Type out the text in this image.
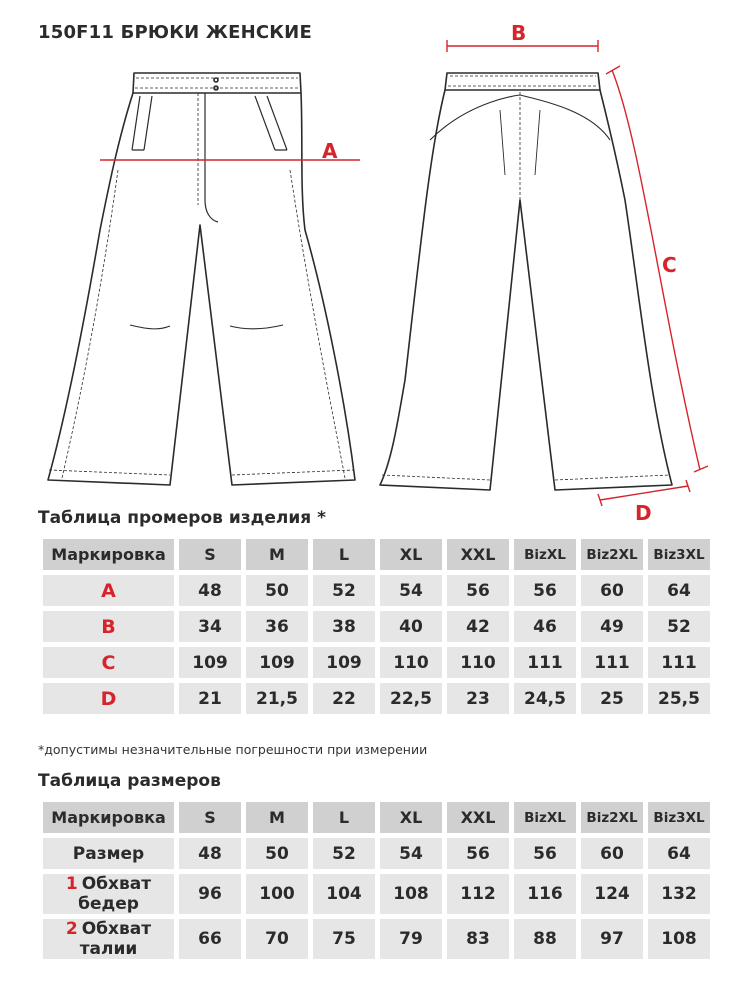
150F11 БРЮКИ ЖЕНСКИЕ
A
B
C
D
Таблица промеров изделия *
Маркировка	S	M	L	XL	XXL	BizXL	Biz2XL	Biz3XL
A	48	50	52	54	56	56	60	64
B	34	36	38	40	42	46	49	52
C	109	109	109	110	110	111	111	111
D	21	21,5	22	22,5	23	24,5	25	25,5
*допустимы незначительные погрешности при измерении
Таблица размеров
Маркировка	S	M	L	XL	XXL	BizXL	Biz2XL	Biz3XL
Размер	48	50	52	54	56	56	60	64
1 Обхват бедер	96	100	104	108	112	116	124	132
2 Обхват талии	66	70	75	79	83	88	97	108
